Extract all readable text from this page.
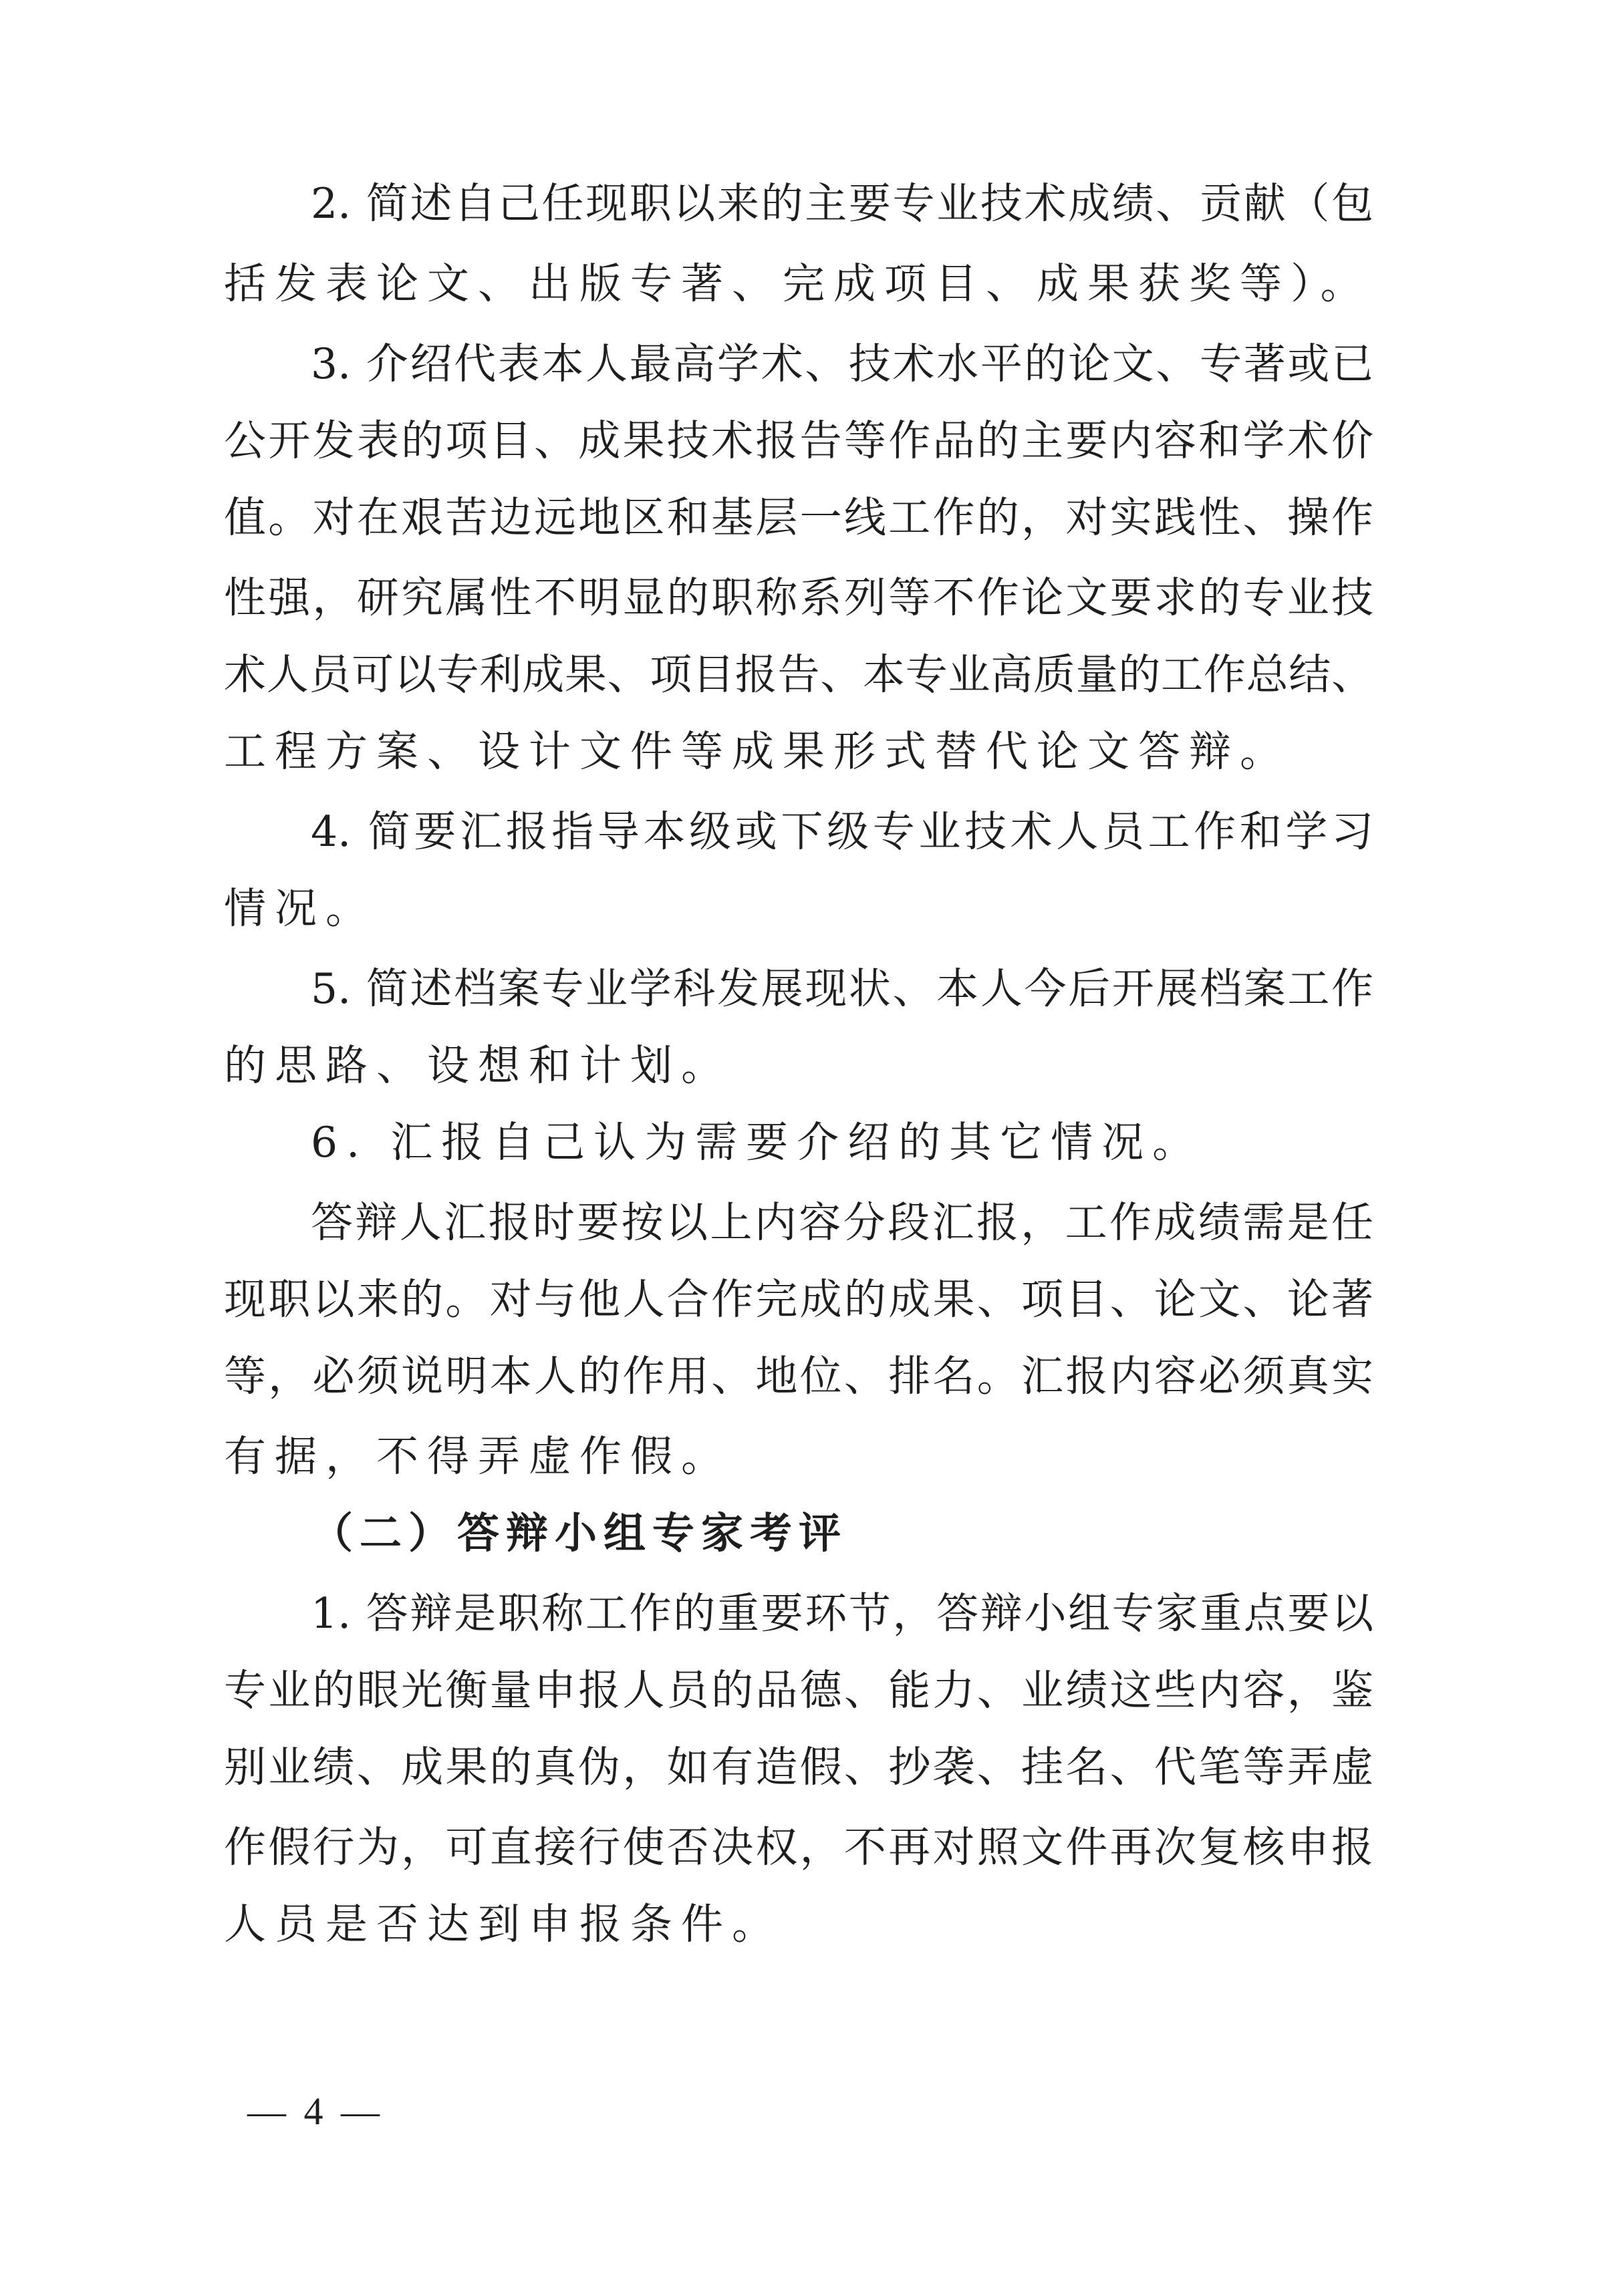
2. 简述自己任现职以来的主要专业技术成绩、贡献（包
括发表论文、出版专著、完成项目、成果获奖等）。
3. 介绍代表本人最高学术、技术水平的论文、专著或已
公开发表的项目、成果技术报告等作品的主要内容和学术价
值。对在艰苦边远地区和基层一线工作的，对实践性、操作
性强，研究属性不明显的职称系列等不作论文要求的专业技
术人员可以专利成果、项目报告、本专业高质量的工作总结、
工程方案、设计文件等成果形式替代论文答辩。
4. 简要汇报指导本级或下级专业技术人员工作和学习
情况。
5. 简述档案专业学科发展现状、本人今后开展档案工作
的思路、设想和计划。
6. 汇报自己认为需要介绍的其它情况。
答辩人汇报时要按以上内容分段汇报，工作成绩需是任
现职以来的。对与他人合作完成的成果、项目、论文、论著
等，必须说明本人的作用、地位、排名。汇报内容必须真实
有据，不得弄虚作假。
（二）答辩小组专家考评
1. 答辩是职称工作的重要环节，答辩小组专家重点要以
专业的眼光衡量申报人员的品德、能力、业绩这些内容，鉴
别业绩、成果的真伪，如有造假、抄袭、挂名、代笔等弄虚
作假行为，可直接行使否决权，不再对照文件再次复核申报
人员是否达到申报条件。
— 4 —
